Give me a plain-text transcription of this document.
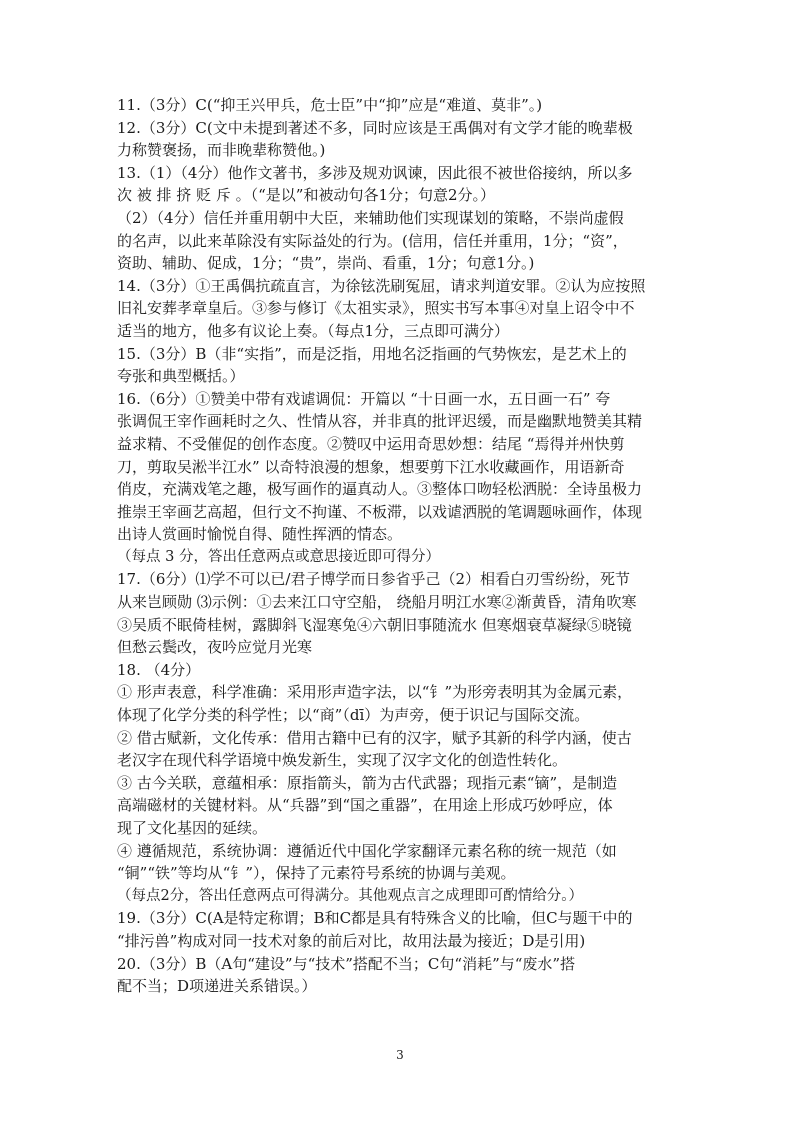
11.（3分）C(“抑王兴甲兵，危士臣”中“抑”应是“难道、莫非”。)
12.（3分）C(文中未提到著述不多，同时应该是王禹偶对有文学才能的晚辈极
力称赞褒扬，而非晚辈称赞他。)
13.（1）（4分）他作文著书，多涉及规劝讽谏，因此很不被世俗接纳，所以多
次 被 排 挤 贬 斥 。（“是以”和被动句各1分；句意2分。）
（2）（4分）信任并重用朝中大臣，来辅助他们实现谋划的策略，不崇尚虚假
的名声，以此来革除没有实际益处的行为。(信用，信任并重用，1分；“资”，
资助、辅助、促成，1分；“贵”，崇尚、看重，1分；句意1分。)
14.（3分）①王禹偶抗疏直言，为徐铉洗刷冤屈，请求判道安罪。②认为应按照
旧礼安葬孝章皇后。③参与修订《太祖实录》，照实书写本事④对皇上诏令中不
适当的地方，他多有议论上奏。（每点1分，三点即可满分）
15.（3分）B（非“实指”，而是泛指，用地名泛指画的气势恢宏，是艺术上的
夸张和典型概括。）
16.（6分）①赞美中带有戏谑调侃：开篇以 “十日画一水，五日画一石” 夸
张调侃王宰作画耗时之久、性情从容，并非真的批评迟缓，而是幽默地赞美其精
益求精、不受催促的创作态度。②赞叹中运用奇思妙想：结尾 “焉得并州快剪
刀，剪取吴淞半江水” 以奇特浪漫的想象，想要剪下江水收藏画作，用语新奇
俏皮，充满戏笔之趣，极写画作的逼真动人。③整体口吻轻松洒脱：全诗虽极力
推崇王宰画艺高超，但行文不拘谨、不板滞，以戏谑洒脱的笔调题咏画作，体现
出诗人赏画时愉悦自得、随性挥洒的情态。
（每点 3 分，答出任意两点或意思接近即可得分）
17.（6分）⑴学不可以已/君子博学而日参省乎己（2）相看白刃雪纷纷，死节
从来岂顾勋 ⑶示例：①去来江口守空船， 绕船月明江水寒②渐黄昏，清角吹寒
③吴质不眠倚桂树，露脚斜飞湿寒兔④六朝旧事随流水 但寒烟衰草凝绿⑤晓镜
但愁云鬓改，夜吟应觉月光寒
18. （4分）
① 形声表意，科学准确：采用形声造字法，以“钅”为形旁表明其为金属元素，
体现了化学分类的科学性；以“商”（dī）为声旁，便于识记与国际交流。
② 借古赋新，文化传承：借用古籍中已有的汉字，赋予其新的科学内涵，使古
老汉字在现代科学语境中焕发新生，实现了汉字文化的创造性转化。
③ 古今关联，意蕴相承：原指箭头，箭为古代武器；现指元素“镝”，是制造
高端磁材的关键材料。从“兵器”到“国之重器”，在用途上形成巧妙呼应，体
现了文化基因的延续。
④ 遵循规范，系统协调：遵循近代中国化学家翻译元素名称的统一规范（如
“铜”“铁”等均从“钅”），保持了元素符号系统的协调与美观。
（每点2分，答出任意两点可得满分。其他观点言之成理即可酌情给分。）
19.（3分）C(A是特定称谓；B和C都是具有特殊含义的比喻，但C与题干中的
“排污兽”构成对同一技术对象的前后对比，故用法最为接近；D是引用)
20.（3分）B（A句“建设”与“技术”搭配不当；C句“消耗”与“废水”搭
配不当；D项递进关系错误。）
3
